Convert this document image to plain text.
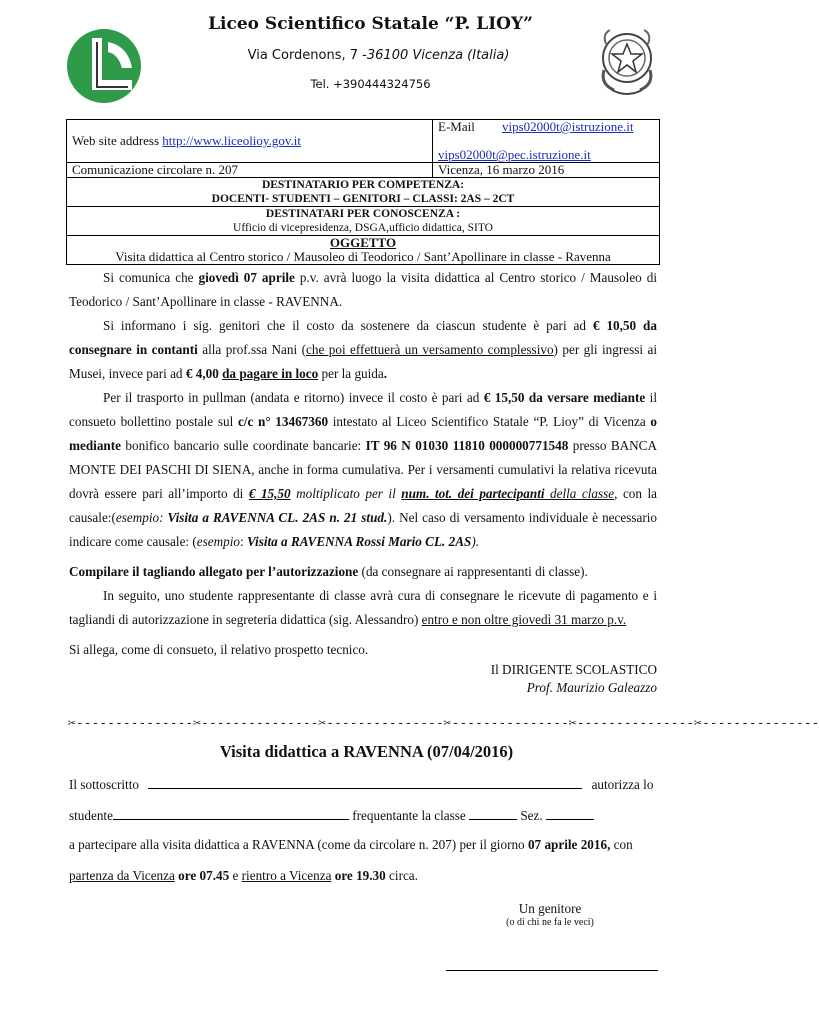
Liceo Scientifico Statale “P. LIOY”
Via Cordenons, 7 -36100 Vicenza (Italia)
Tel. +390444324756
Web site address http://www.liceolioy.gov.it	E-Mail vips02000t@istruzione.it
vips02000t@pec.istruzione.it
Comunicazione circolare n. 207	Vicenza, 16 marzo 2016

DESTINATARIO PER COMPETENZA:
DOCENTI- STUDENTI – GENITORI – CLASSI: 2AS – 2CT	

DESTINATARI PER CONOSCENZA :
Ufficio di vicepresidenza, DSGA,ufficio didattica, SITO	

OGGETTO
Visita didattica al Centro storico / Mausoleo di Teodorico / Sant’Apollinare in classe - Ravenna	

Si comunica che giovedì 07 aprile p.v. avrà luogo la visita didattica al Centro storico / Mausoleo di Teodorico / Sant’Apollinare in classe - RAVENNA.

Si informano i sig. genitori che il costo da sostenere da ciascun studente è pari ad € 10,50 da consegnare in contanti alla prof.ssa Nani (che poi effettuerà un versamento complessivo) per gli ingressi ai Musei, invece pari ad € 4,00 da pagare in loco per la guida.

Per il trasporto in pullman (andata e ritorno) invece il costo è pari ad € 15,50 da versare mediante il consueto bollettino postale sul c/c n° 13467360 intestato al Liceo Scientifico Statale “P. Lioy” di Vicenza o mediante bonifico bancario sulle coordinate bancarie: IT 96 N 01030 11810 000000771548 presso BANCA MONTE DEI PASCHI DI SIENA, anche in forma cumulativa. Per i versamenti cumulativi la relativa ricevuta dovrà essere pari all’importo di € 15,50 moltiplicato per il num. tot. dei partecipanti della classe, con la causale:(esempio: Visita a RAVENNA CL. 2AS n. 21 stud.). Nel caso di versamento individuale è necessario indicare come causale: (esempio: Visita a RAVENNA Rossi Mario CL. 2AS).

Compilare il tagliando allegato per l’autorizzazione (da consegnare ai rappresentanti di classe).

In seguito, uno studente rappresentante di classe avrà cura di consegnare le ricevute di pagamento e i tagliandi di autorizzazione in segreteria didattica (sig. Alessandro) entro e non oltre giovedì 31 marzo p.v.

Si allega, come di consueto, il relativo prospetto tecnico.

Il DIRIGENTE SCOLASTICO
Prof. Maurizio Galeazzo
✂---------------✂---------------✂---------------✂---------------✂---------------✂---------------
Visita didattica a RAVENNA (07/04/2016)
Il sottoscritto	autorizza lo
studente	frequentante la classe	Sez.
a partecipare alla visita didattica a RAVENNA (come da circolare n. 207) per il giorno 07 aprile 2016, con
partenza da Vicenza ore 07.45 e rientro a Vicenza ore 19.30 circa.
Un genitore
(o di chi ne fa le veci)
